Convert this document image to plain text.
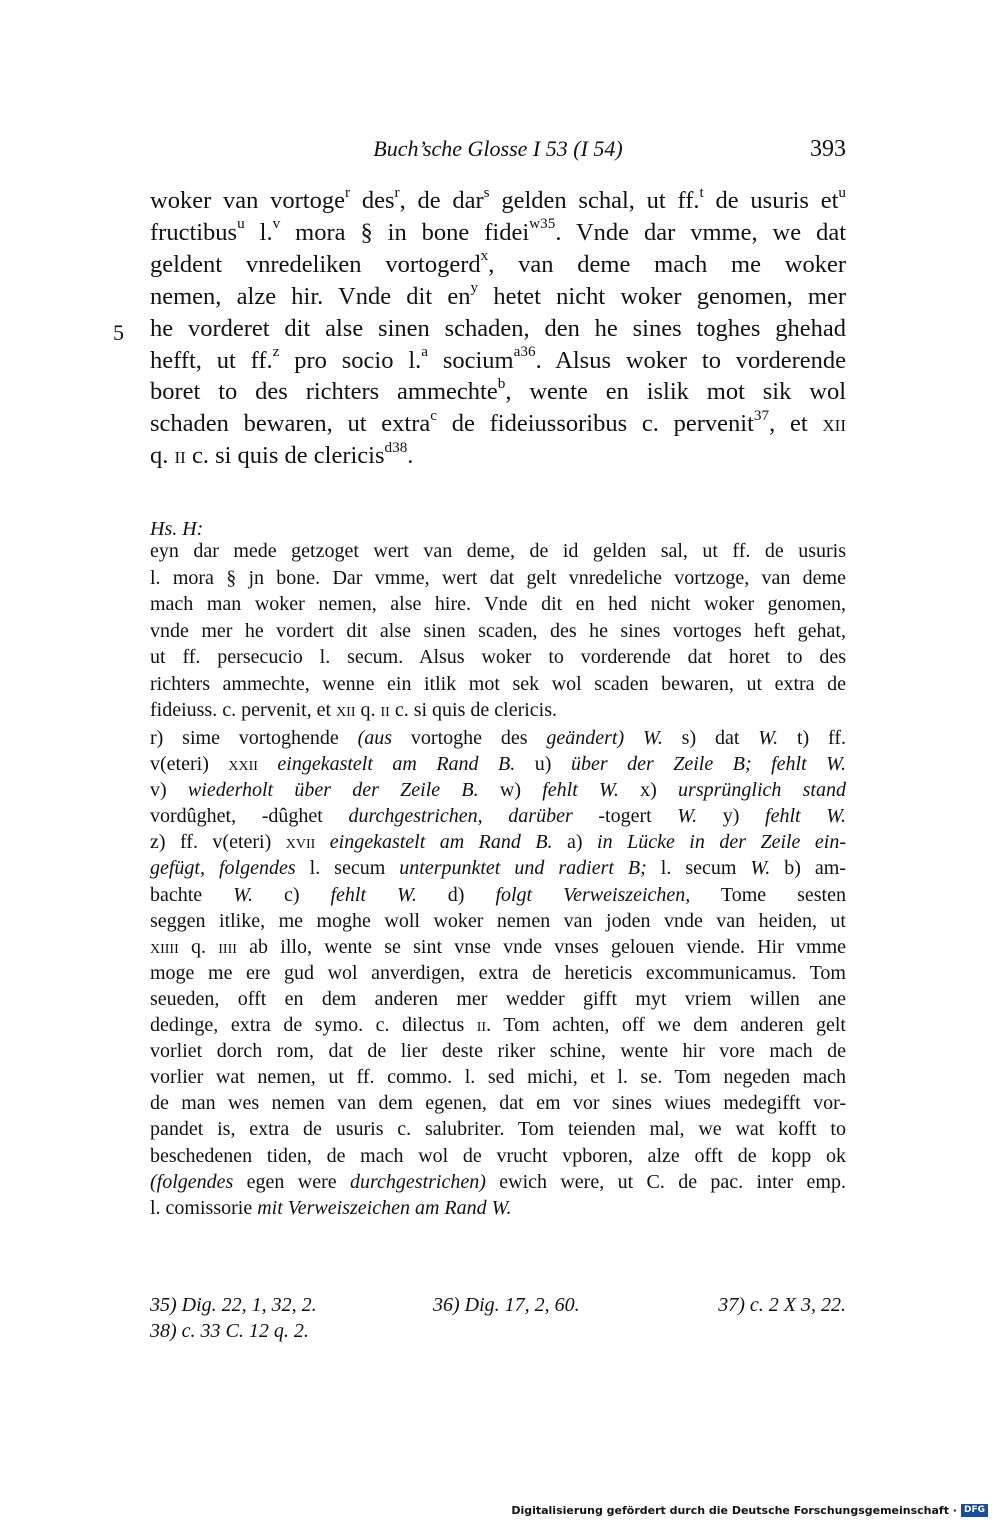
Buch’sche Glosse I 53 (I 54)	393
5
woker van vortoge$^r$ des$^r$, de dar$^s$ gelden schal, ut ff.$^t$ de usuris $et^u$
fructibus$^u$ l.$^v$ mora § in bone fidei$^{w35}$. Vnde dar vmme, we dat
geldent vnredeliken vortogerd$^x$, van deme mach me woker
nemen, alze hir. Vnde dit $en^y$ hetet nicht woker genomen, mer
he vorderet dit alse sinen schaden, den he sines toghes ghehad
hefft, ut ff.$^z$ pro socio l.$^a$ socium$^{a36}$. Alsus woker to vorderende
boret to des richters ammechte$^b$, wente en islik mot sik wol
schaden bewaren, ut extra$^c$ de fideiussoribus c. pervenit$^{37}$, et xii
q. ii c. si quis de clericis$^{d38}$.
Hs. H:
eyn dar mede getzoget wert van deme, de id gelden sal, ut ff. de usuris
l. mora § jn bone. Dar vmme, wert dat gelt vnredeliche vortzoge, van deme
mach man woker nemen, alse hire. Vnde dit en hed nicht woker genomen,
vnde mer he vordert dit alse sinen scaden, des he sines vortoges heft gehat,
ut ff. persecucio l. secum. Alsus woker to vorderende dat horet to des
richters ammechte, wenne ein itlik mot sek wol scaden bewaren, ut extra de
fideiuss. c. pervenit, et xii q. ii c. si quis de clericis.
r) sime vortoghende (aus vortoghe des geändert) W. s) dat W. t) ff.
v(eteri) xxii eingekastelt am Rand B. u) über der Zeile B; fehlt W.
v) wiederholt über der Zeile B. w) fehlt W. x) ursprünglich stand
vordûghet, -dûghet durchgestrichen, darüber -togert W. y) fehlt W.
z) ff. v(eteri) xvii eingekastelt am Rand B. a) in Lücke in der Zeile ein-
gefügt, folgendes l. secum unterpunktet und radiert B; l. secum W. b) am-
bachte W. c) fehlt W. d) folgt Verweiszeichen, Tome sesten
seggen itlike, me moghe woll woker nemen van joden vnde van heiden, ut
xiiii q. iiii ab illo, wente se sint vnse vnde vnses gelouen viende. Hir vmme
moge me ere gud wol anverdigen, extra de hereticis excommunicamus. Tom
seueden, offt en dem anderen mer wedder gifft myt vriem willen ane
dedinge, extra de symo. c. dilectus ii. Tom achten, off we dem anderen gelt
vorliet dorch rom, dat de lier deste riker schine, wente hir vore mach de
vorlier wat nemen, ut ff. commo. l. sed michi, et l. se. Tom negeden mach
de man wes nemen van dem egenen, dat em vor sines wiues medegifft vor-
pandet is, extra de usuris c. salubriter. Tom teienden mal, we wat kofft to
beschedenen tiden, de mach wol de vrucht vpboren, alze offt de kopp ok
(folgendes egen were durchgestrichen) ewich were, ut C. de pac. inter emp.
l. comissorie mit Verweiszeichen am Rand W.
35) Dig. 22, 1, 32, 2.	36) Dig. 17, 2, 60.	37) c. 2 X 3, 22.
38) c. 33 C. 12 q. 2.
Digitalisierung gefördert durch die Deutsche Forschungsgemeinschaft · DFG
